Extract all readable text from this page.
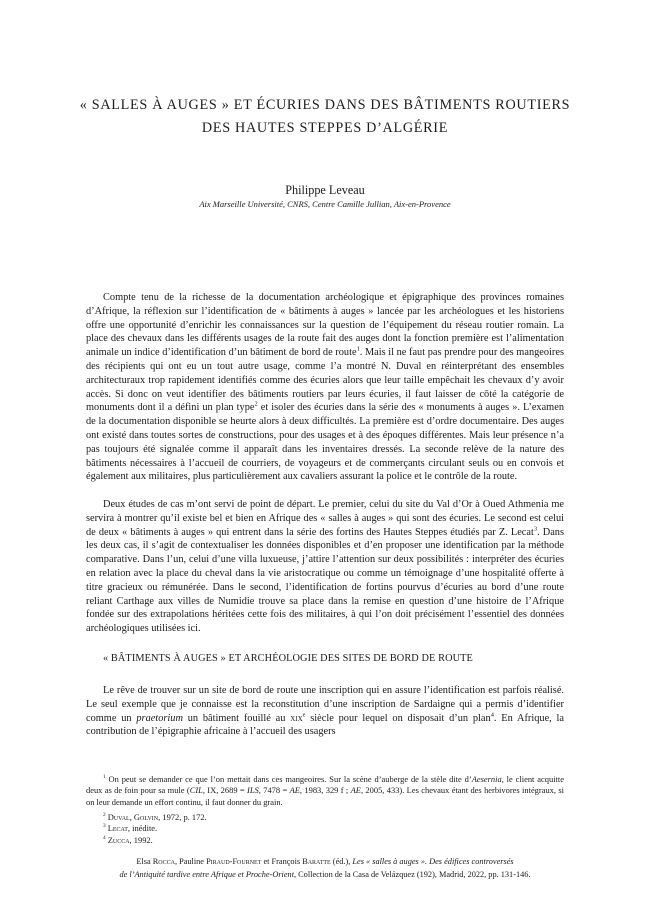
« SALLES À AUGES » ET ÉCURIES DANS DES BÂTIMENTS ROUTIERS
DES HAUTES STEPPES D’ALGÉRIE
Philippe Leveau
Aix Marseille Université, CNRS, Centre Camille Jullian, Aix-en-Provence

Compte tenu de la richesse de la documentation archéologique et épigraphique des provinces romaines d’Afrique, la réflexion sur l’identification de « bâtiments à auges » lancée par les archéologues et les historiens offre une opportunité d’enrichir les connaissances sur la question de l’équipement du réseau routier romain. La place des chevaux dans les différents usages de la route fait des auges dont la fonction première est l’alimentation animale un indice d’identification d’un bâtiment de bord de route$^1$. Mais il ne faut pas prendre pour des mangeoires des récipients qui ont eu un tout autre usage, comme l’a montré N. Duval en réinterprétant des ensembles architecturaux trop rapidement identifiés comme des écuries alors que leur taille empêchait les chevaux d’y avoir accès. Si donc on veut identifier des bâtiments routiers par leurs écuries, il faut laisser de côté la catégorie de monuments dont il a défini un plan type$^2$ et isoler des écuries dans la série des « monuments à auges ». L’examen de la documentation disponible se heurte alors à deux difficultés. La première est d’ordre documentaire. Des auges ont existé dans toutes sortes de constructions, pour des usages et à des époques différentes. Mais leur présence n’a pas toujours été signalée comme il apparaît dans les inventaires dressés. La seconde relève de la nature des bâtiments nécessaires à l’accueil de courriers, de voyageurs et de commerçants circulant seuls ou en convois et également aux militaires, plus particulièrement aux cavaliers assurant la police et le contrôle de la route.

Deux études de cas m’ont servi de point de départ. Le premier, celui du site du Val d’Or à Oued Athmenia me servira à montrer qu’il existe bel et bien en Afrique des « salles à auges » qui sont des écuries. Le second est celui de deux « bâtiments à auges » qui entrent dans la série des fortins des Hautes Steppes étudiés par Z. Lecat$^3$. Dans les deux cas, il s’agit de contextualiser les données disponibles et d’en proposer une identification par la méthode comparative. Dans l’un, celui d’une villa luxueuse, j’attire l’attention sur deux possibilités : interpréter des écuries en relation avec la place du cheval dans la vie aristocratique ou comme un témoignage d’une hospitalité offerte à titre gracieux ou rémunérée. Dans le second, l’identification de fortins pourvus d’écuries au bord d’une route reliant Carthage aux villes de Numidie trouve sa place dans la remise en question d’une histoire de l’Afrique fondée sur des extrapolations héritées cette fois des militaires, à qui l’on doit précisément l’essentiel des données archéologiques utilisées ici.

« BÂTIMENTS À AUGES » ET ARCHÉOLOGIE DES SITES DE BORD DE ROUTE

Le rêve de trouver sur un site de bord de route une inscription qui en assure l’identification est parfois réalisé. Le seul exemple que je connaisse est la reconstitution d’une inscription de Sardaigne qui a permis d’identifier comme un praetorium un bâtiment fouillé au xix$^e$ siècle pour lequel on disposait d’un plan$^4$. En Afrique, la contribution de l’épigraphie africaine à l’accueil des usagers

$^1$ On peut se demander ce que l’on mettait dans ces mangeoires. Sur la scène d’auberge de la stèle dite d’Aesernia, le client acquitte deux as de foin pour sa mule (CIL, IX, 2689 = ILS, 7478 = AE, 1983, 329 f ; AE, 2005, 433). Les chevaux étant des herbivores intégraux, si on leur demande un effort continu, il faut donner du grain.

$^2$ Duval, Golvin, 1972, p. 172.

$^3$ Lecat, inédite.

$^4$ Zucca, 1992.

Elsa Rocca, Pauline Piraud-Fournet et François Baratte (éd.), Les « salles à auges ». Des édifices controversés
de l’Antiquité tardive entre Afrique et Proche-Orient, Collection de la Casa de Velázquez (192), Madrid, 2022, pp. 131-146.
